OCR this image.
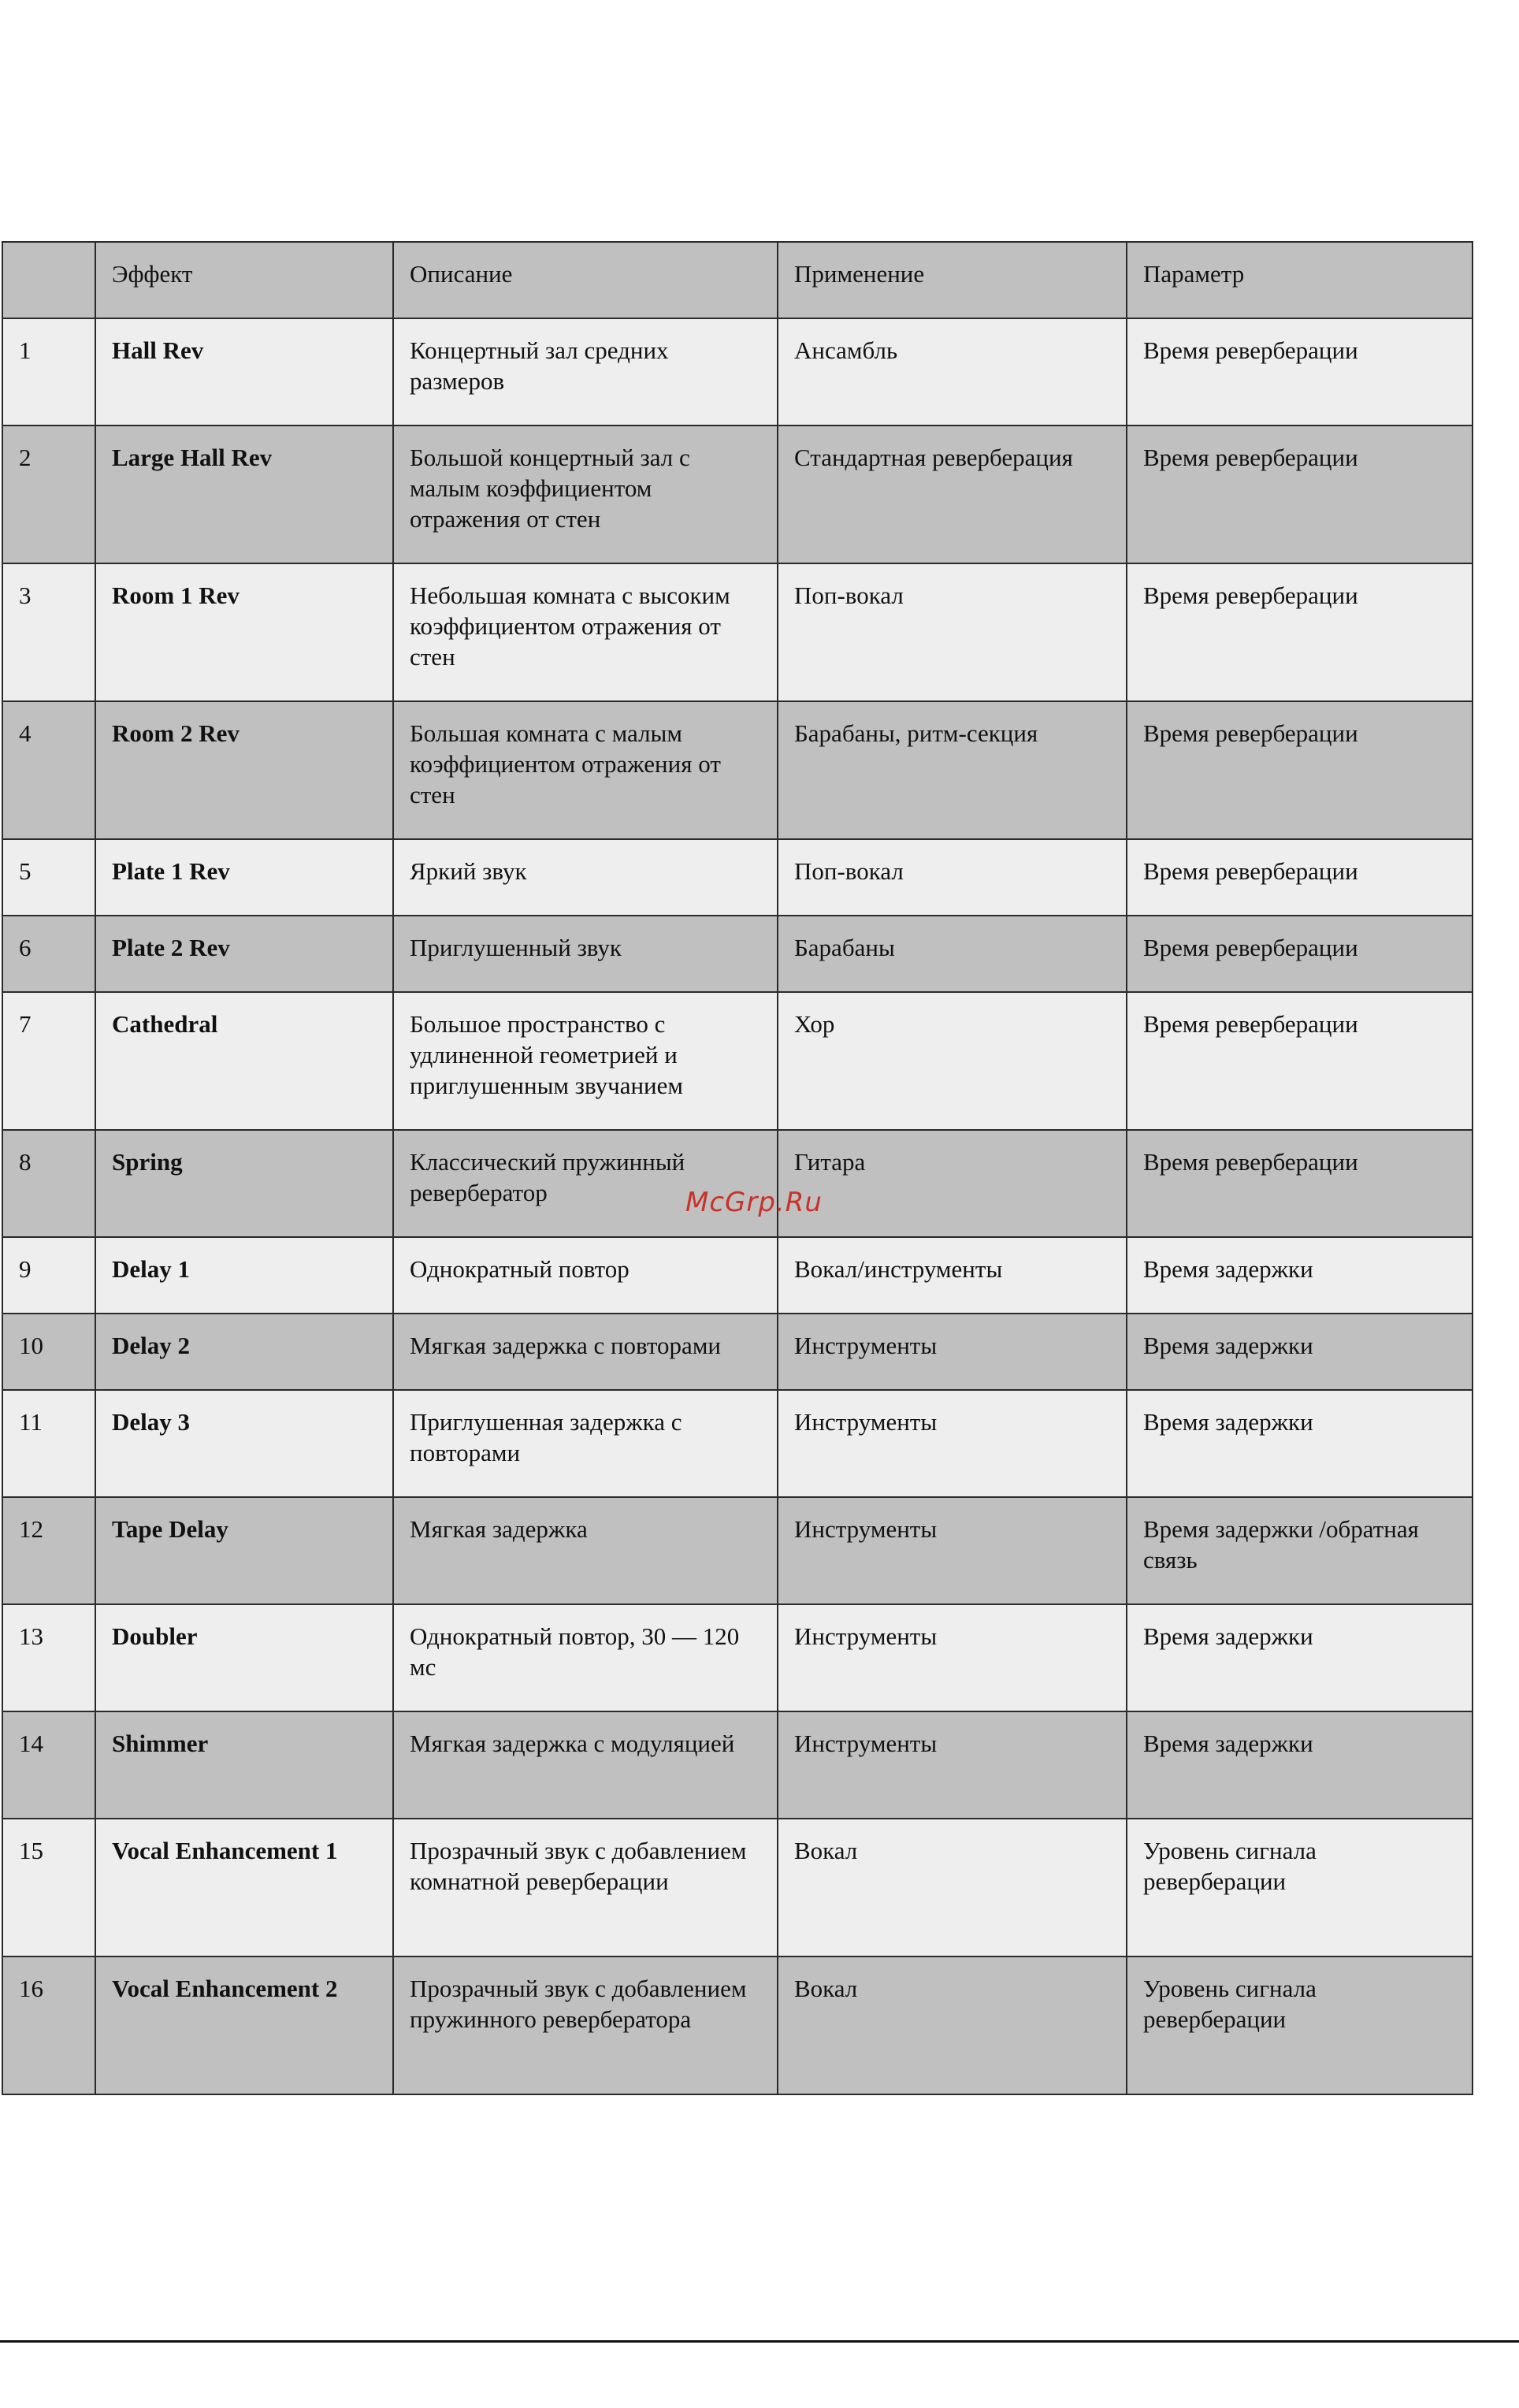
	Эффект	Описание	Применение	Параметр
1	Hall Rev	Концертный зал средних размеров	Ансамбль	Время реверберации
2	Large Hall Rev	Большой концертный зал с малым коэффициентом отражения от стен	Стандартная реверберация	Время реверберации
3	Room 1 Rev	Небольшая комната с высоким коэффициентом отражения от стен	Поп-вокал	Время реверберации
4	Room 2 Rev	Большая комната с малым коэффициентом отражения от стен	Барабаны, ритм-секция	Время реверберации
5	Plate 1 Rev	Яркий звук	Поп-вокал	Время реверберации
6	Plate 2 Rev	Приглушенный звук	Барабаны	Время реверберации
7	Cathedral	Большое пространство с удлиненной геометрией и приглушенным звучанием	Хор	Время реверберации
8	Spring	Классический пружинный ревербератор	Гитара	Время реверберации
9	Delay 1	Однократный повтор	Вокал/инструменты	Время задержки
10	Delay 2	Мягкая задержка с повторами	Инструменты	Время задержки
11	Delay 3	Приглушенная задержка с повторами	Инструменты	Время задержки
12	Tape Delay	Мягкая задержка	Инструменты	Время задержки /обратная связь
13	Doubler	Однократный повтор, 30 — 120 мс	Инструменты	Время задержки
14	Shimmer	Мягкая задержка с модуляцией	Инструменты	Время задержки
15	Vocal Enhancement 1	Прозрачный звук с добавлением комнатной реверберации	Вокал	Уровень сигнала реверберации
16	Vocal Enhancement 2	Прозрачный звук с добавлением пружинного ревербератора	Вокал	Уровень сигнала реверберации
McGrp.Ru
